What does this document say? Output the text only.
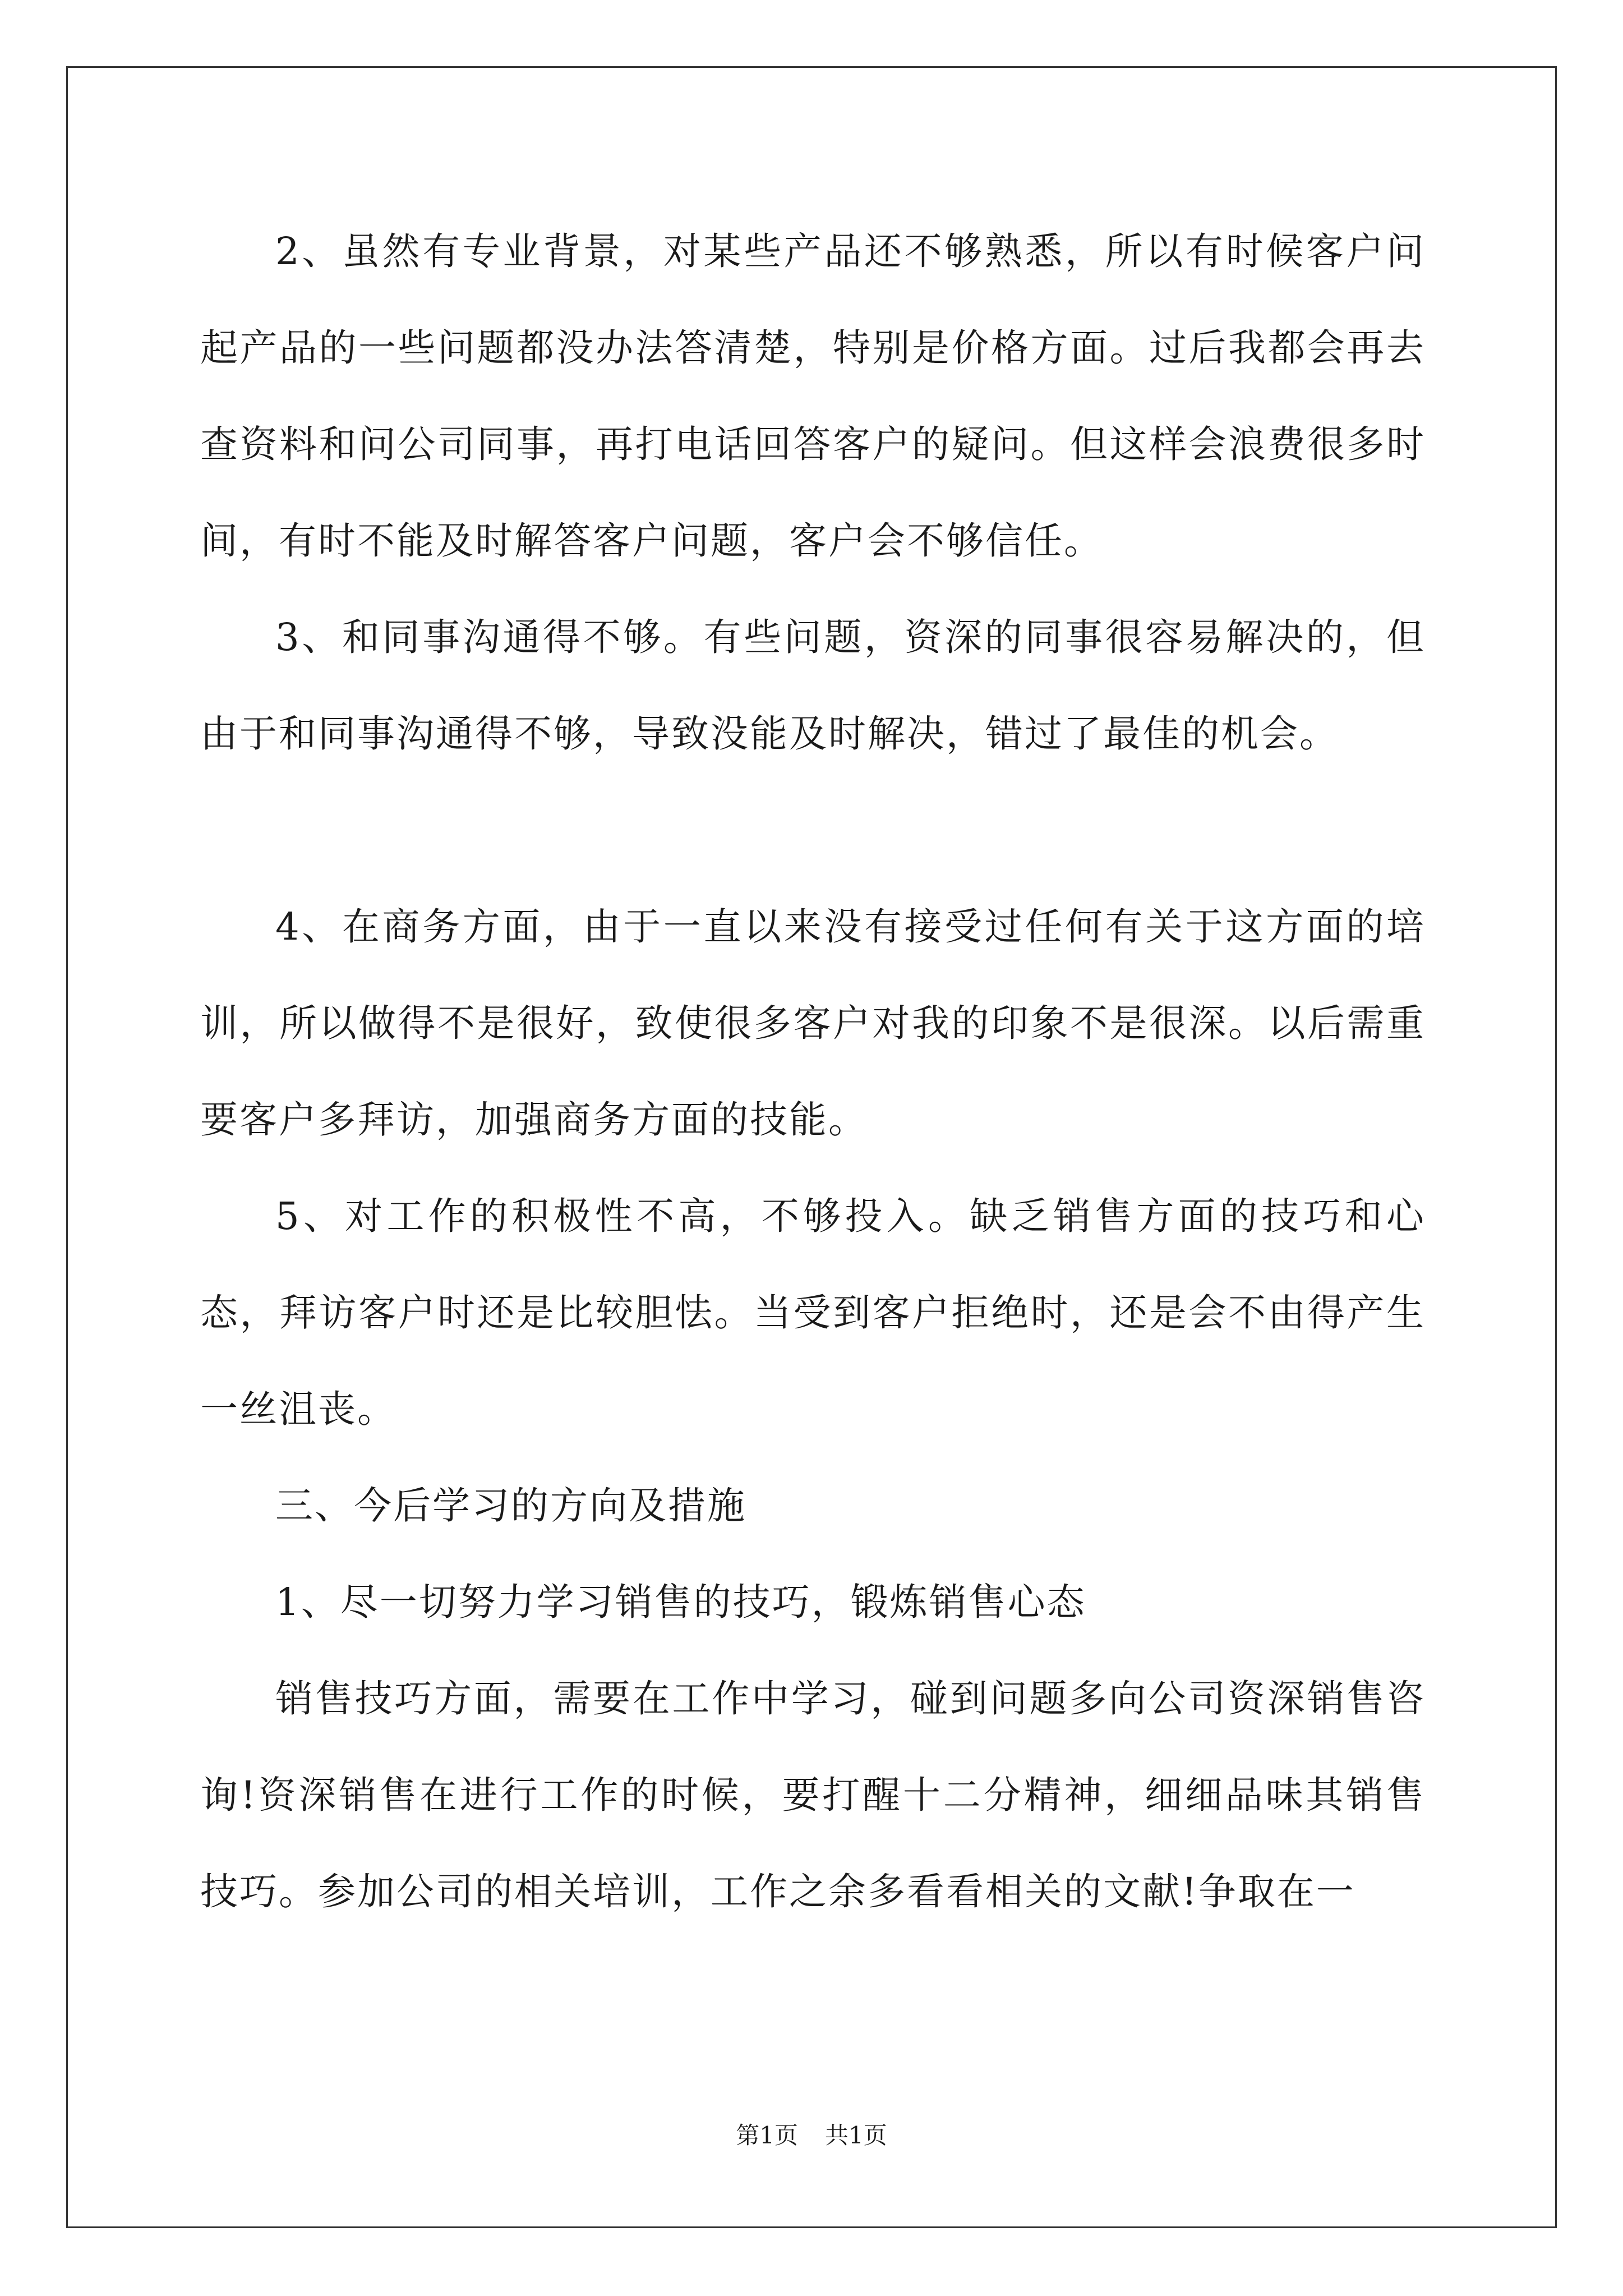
2、虽然有专业背景，对某些产品还不够熟悉，所以有时候客户问起产品的一些问题都没办法答清楚，特别是价格方面。过后我都会再去查资料和问公司同事，再打电话回答客户的疑问。但这样会浪费很多时间，有时不能及时解答客户问题，客户会不够信任。

3、和同事沟通得不够。有些问题，资深的同事很容易解决的，但由于和同事沟通得不够，导致没能及时解决，错过了最佳的机会。

4、在商务方面，由于一直以来没有接受过任何有关于这方面的培训，所以做得不是很好，致使很多客户对我的印象不是很深。以后需重要客户多拜访，加强商务方面的技能。

5、对工作的积极性不高，不够投入。缺乏销售方面的技巧和心态，拜访客户时还是比较胆怯。当受到客户拒绝时，还是会不由得产生一丝沮丧。

三、今后学习的方向及措施

1、尽一切努力学习销售的技巧，锻炼销售心态

销售技巧方面，需要在工作中学习，碰到问题多向公司资深销售咨询!资深销售在进行工作的时候，要打醒十二分精神，细细品味其销售技巧。参加公司的相关培训，工作之余多看看相关的文献!争取在一

第1页 共1页
